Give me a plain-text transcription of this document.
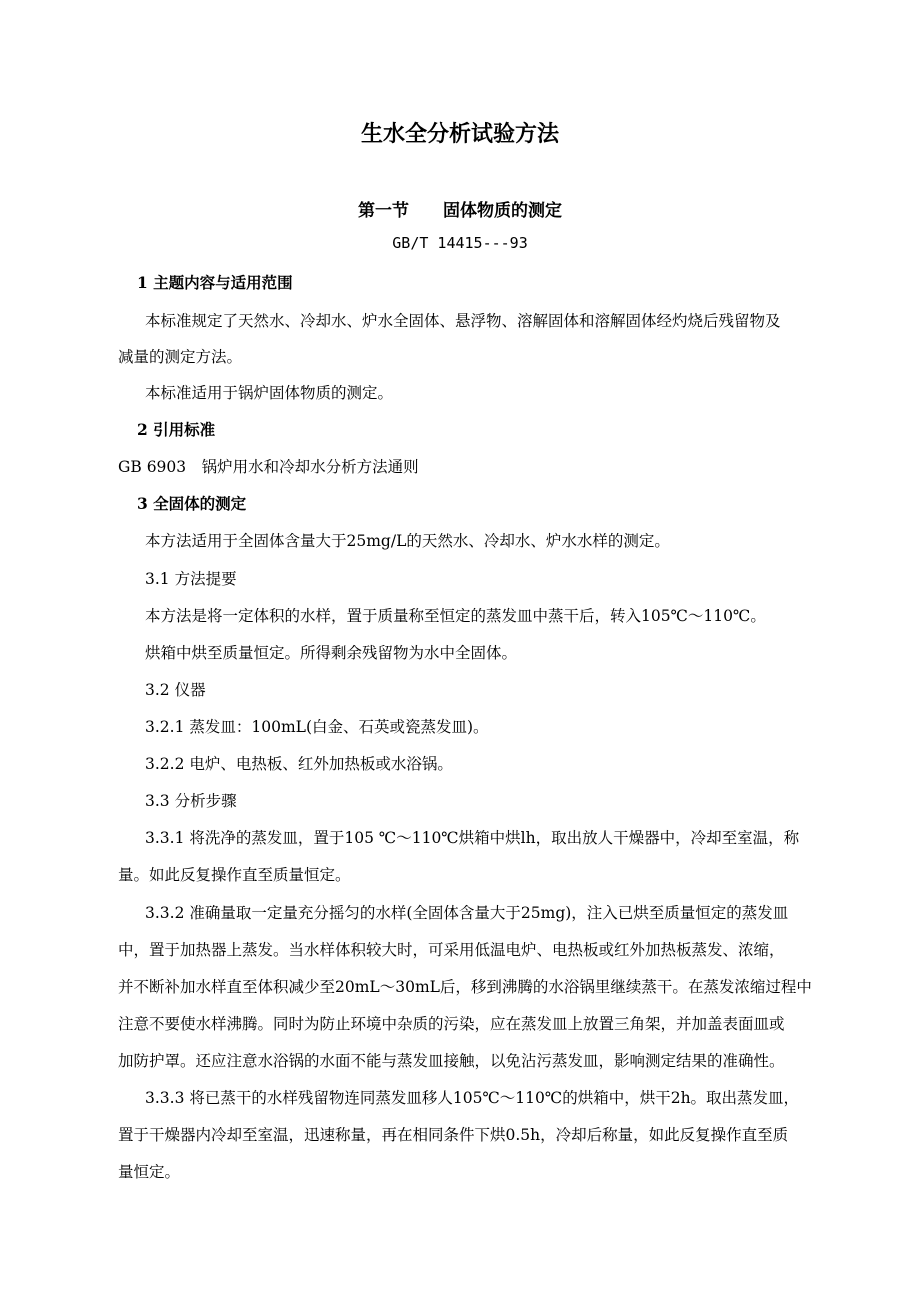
生水全分析试验方法
第一节　　固体物质的测定
GB/T 14415---93
1 主题内容与适用范围
本标准规定了天然水、冷却水、炉水全固体、悬浮物、溶解固体和溶解固体经灼烧后残留物及
减量的测定方法。
本标准适用于锅炉固体物质的测定。
2 引用标准
GB 6903　锅炉用水和冷却水分析方法通则
3 全固体的测定
本方法适用于全固体含量大于25mg/L的天然水、冷却水、炉水水样的测定。
3.1 方法提要
本方法是将一定体积的水样，置于质量称至恒定的蒸发皿中蒸干后，转入105℃～110℃。
烘箱中烘至质量恒定。所得剩余残留物为水中全固体。
3.2 仪器
3.2.1 蒸发皿：100mL(白金、石英或瓷蒸发皿)。
3.2.2 电炉、电热板、红外加热板或水浴锅。
3.3 分析步骤
3.3.1 将洗净的蒸发皿，置于105 ℃～110℃烘箱中烘lh，取出放人干燥器中，冷却至室温，称
量。如此反复操作直至质量恒定。
3.3.2 准确量取一定量充分摇匀的水样(全固体含量大于25mg)，注入已烘至质量恒定的蒸发皿
中，置于加热器上蒸发。当水样体积较大时，可采用低温电炉、电热板或红外加热板蒸发、浓缩，
并不断补加水样直至体积减少至20mL～30mL后，移到沸腾的水浴锅里继续蒸干。在蒸发浓缩过程中
注意不要使水样沸腾。同时为防止环境中杂质的污染，应在蒸发皿上放置三角架，并加盖表面皿或
加防护罩。还应注意水浴锅的水面不能与蒸发皿接触，以免沾污蒸发皿，影响测定结果的准确性。
3.3.3 将已蒸干的水样残留物连同蒸发皿移人105℃～110℃的烘箱中，烘干2h。取出蒸发皿，
置于干燥器内冷却至室温，迅速称量，再在相同条件下烘0.5h，冷却后称量，如此反复操作直至质
量恒定。
